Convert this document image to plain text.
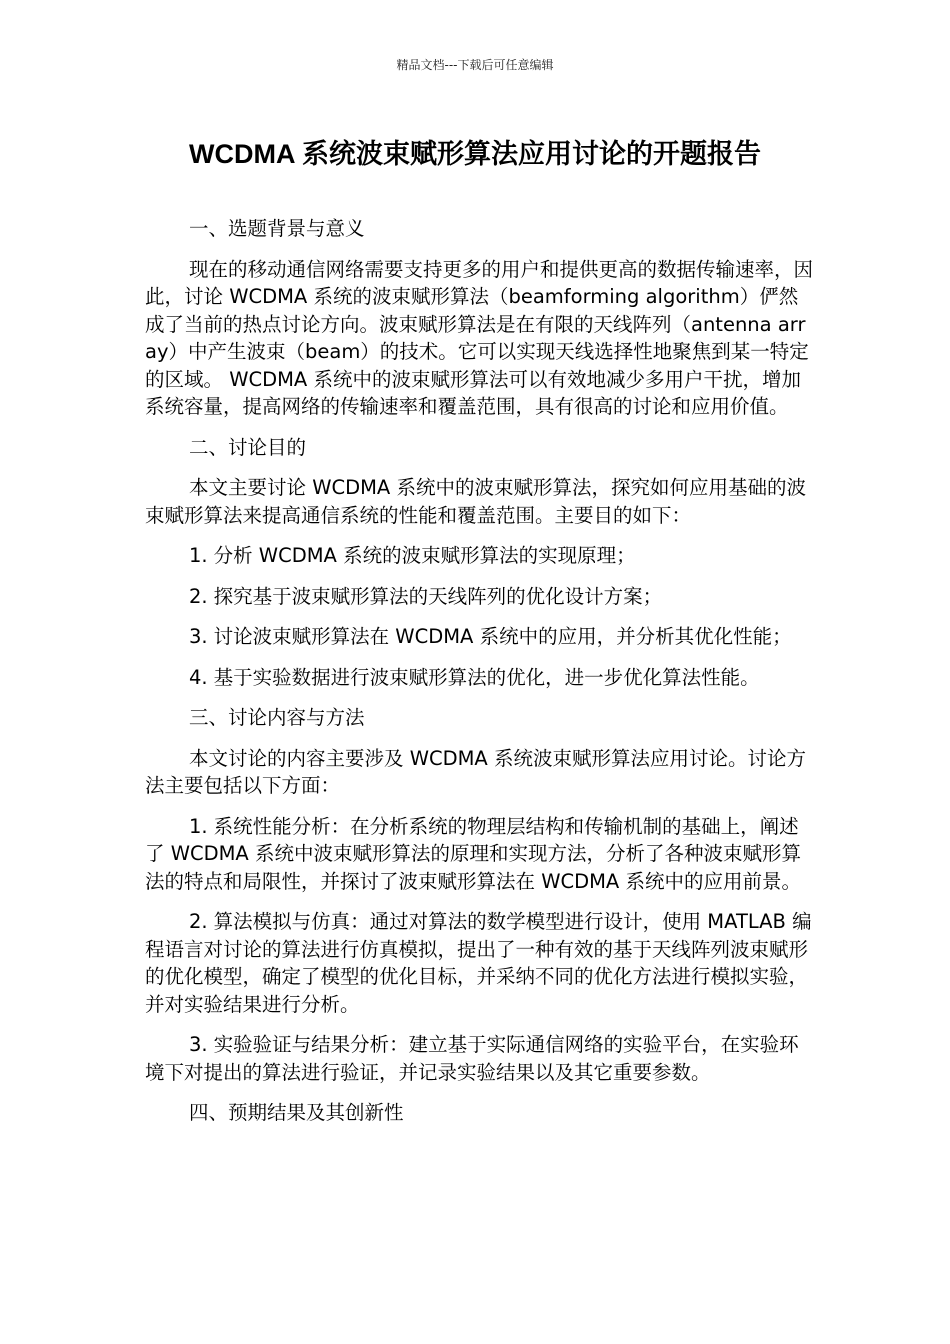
精品文档---下载后可任意编辑
WCDMA 系统波束赋形算法应用讨论的开题报告
一、选题背景与意义

现在的移动通信网络需要支持更多的用户和提供更高的数据传输速率，因此，讨论 WCDMA 系统的波束赋形算法（beamforming algorithm）俨然成了当前的热点讨论方向。波束赋形算法是在有限的天线阵列（antenna array）中产生波束（beam）的技术。它可以实现天线选择性地聚焦到某一特定的区域。 WCDMA 系统中的波束赋形算法可以有效地减少多用户干扰，增加系统容量，提高网络的传输速率和覆盖范围，具有很高的讨论和应用价值。

二、讨论目的

本文主要讨论 WCDMA 系统中的波束赋形算法，探究如何应用基础的波束赋形算法来提高通信系统的性能和覆盖范围。主要目的如下：

1. 分析 WCDMA 系统的波束赋形算法的实现原理；

2. 探究基于波束赋形算法的天线阵列的优化设计方案；

3. 讨论波束赋形算法在 WCDMA 系统中的应用，并分析其优化性能；

4. 基于实验数据进行波束赋形算法的优化，进一步优化算法性能。

三、讨论内容与方法

本文讨论的内容主要涉及 WCDMA 系统波束赋形算法应用讨论。讨论方法主要包括以下方面：

1. 系统性能分析：在分析系统的物理层结构和传输机制的基础上，阐述了 WCDMA 系统中波束赋形算法的原理和实现方法，分析了各种波束赋形算法的特点和局限性，并探讨了波束赋形算法在 WCDMA 系统中的应用前景。

2. 算法模拟与仿真：通过对算法的数学模型进行设计，使用 MATLAB 编程语言对讨论的算法进行仿真模拟，提出了一种有效的基于天线阵列波束赋形的优化模型，确定了模型的优化目标，并采纳不同的优化方法进行模拟实验，并对实验结果进行分析。

3. 实验验证与结果分析：建立基于实际通信网络的实验平台，在实验环境下对提出的算法进行验证，并记录实验结果以及其它重要参数。

四、预期结果及其创新性
